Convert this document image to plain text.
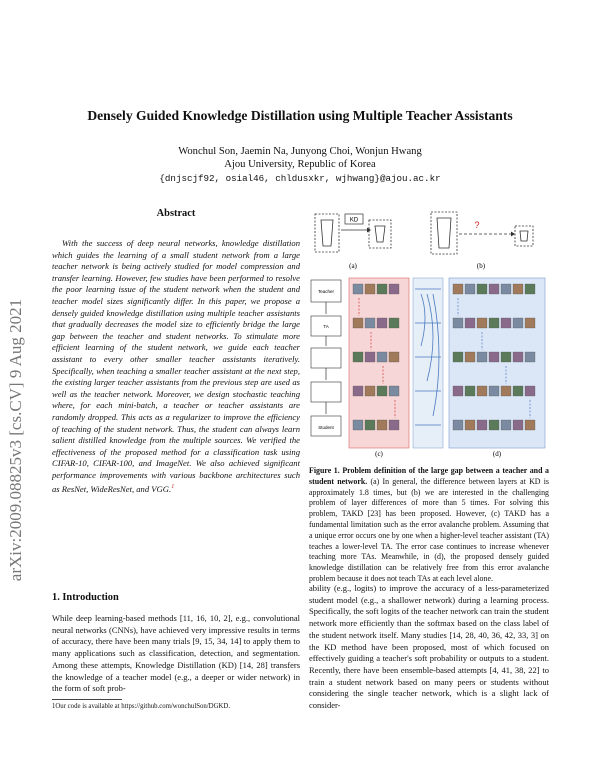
Densely Guided Knowledge Distillation using Multiple Teacher Assistants
Wonchul Son, Jaemin Na, Junyong Choi, Wonjun Hwang
Ajou University, Republic of Korea
{dnjscjf92, osial46, chldusxkr, wjhwang}@ajou.ac.kr
arXiv:2009.08825v3 [cs.CV] 9 Aug 2021
Abstract
With the success of deep neural networks, knowledge distillation which guides the learning of a small student network from a large teacher network is being actively studied for model compression and transfer learning. However, few studies have been performed to resolve the poor learning issue of the student network when the student and teacher model sizes significantly differ. In this paper, we propose a densely guided knowledge distillation using multiple teacher assistants that gradually decreases the model size to efficiently bridge the large gap between the teacher and student networks. To stimulate more efficient learning of the student network, we guide each teacher assistant to every other smaller teacher assistants iteratively. Specifically, when teaching a smaller teacher assistant at the next step, the existing larger teacher assistants from the previous step are used as well as the teacher network. Moreover, we design stochastic teaching where, for each mini-batch, a teacher or teacher assistants are randomly dropped. This acts as a regularizer to improve the efficiency of teaching of the student network. Thus, the student can always learn salient distilled knowledge from the multiple sources. We verified the effectiveness of the proposed method for a classification task using CIFAR-10, CIFAR-100, and ImageNet. We also achieved significant performance improvements with various backbone architectures such as ResNet, WideResNet, and VGG.$^1$
1. Introduction
While deep learning-based methods [11, 16, 10, 2], e.g., convolutional neural networks (CNNs), have achieved very impressive results in terms of accuracy, there have been many trials [9, 15, 34, 14] to apply them to many applications such as classification, detection, and segmentation. Among these attempts, Knowledge Distillation (KD) [14, 28] transfers the knowledge of a teacher model (e.g., a deeper or wider network) in the form of soft prob-
1Our code is available at https://github.com/wonchulSon/DGKD.
KD
(a)
?
(b)
Teacher
TA
Student
(c)	(d)
Figure 1. Problem definition of the large gap between a teacher and a student network. (a) In general, the difference between layers at KD is approximately 1.8 times, but (b) we are interested in the challenging problem of layer differences of more than 5 times. For solving this problem, TAKD [23] has been proposed. However, (c) TAKD has a fundamental limitation such as the error avalanche problem. Assuming that a unique error occurs one by one when a higher-level teacher assistant (TA) teaches a lower-level TA. The error case continues to increase whenever teaching more TAs. Meanwhile, in (d), the proposed densely guided knowledge distillation can be relatively free from this error avalanche problem because it does not teach TAs at each level alone.
ability (e.g., logits) to improve the accuracy of a less-parameterized student model (e.g., a shallower network) during a learning process. Specifically, the soft logits of the teacher network can train the student network more efficiently than the softmax based on the class label of the student network itself. Many studies [14, 28, 40, 36, 42, 33, 3] on the KD method have been proposed, most of which focused on effectively guiding a teacher's soft probability or outputs to a student. Recently, there have been ensemble-based attempts [4, 41, 38, 22] to train a student network based on many peers or students without considering the single teacher network, which is a slight lack of consider-
